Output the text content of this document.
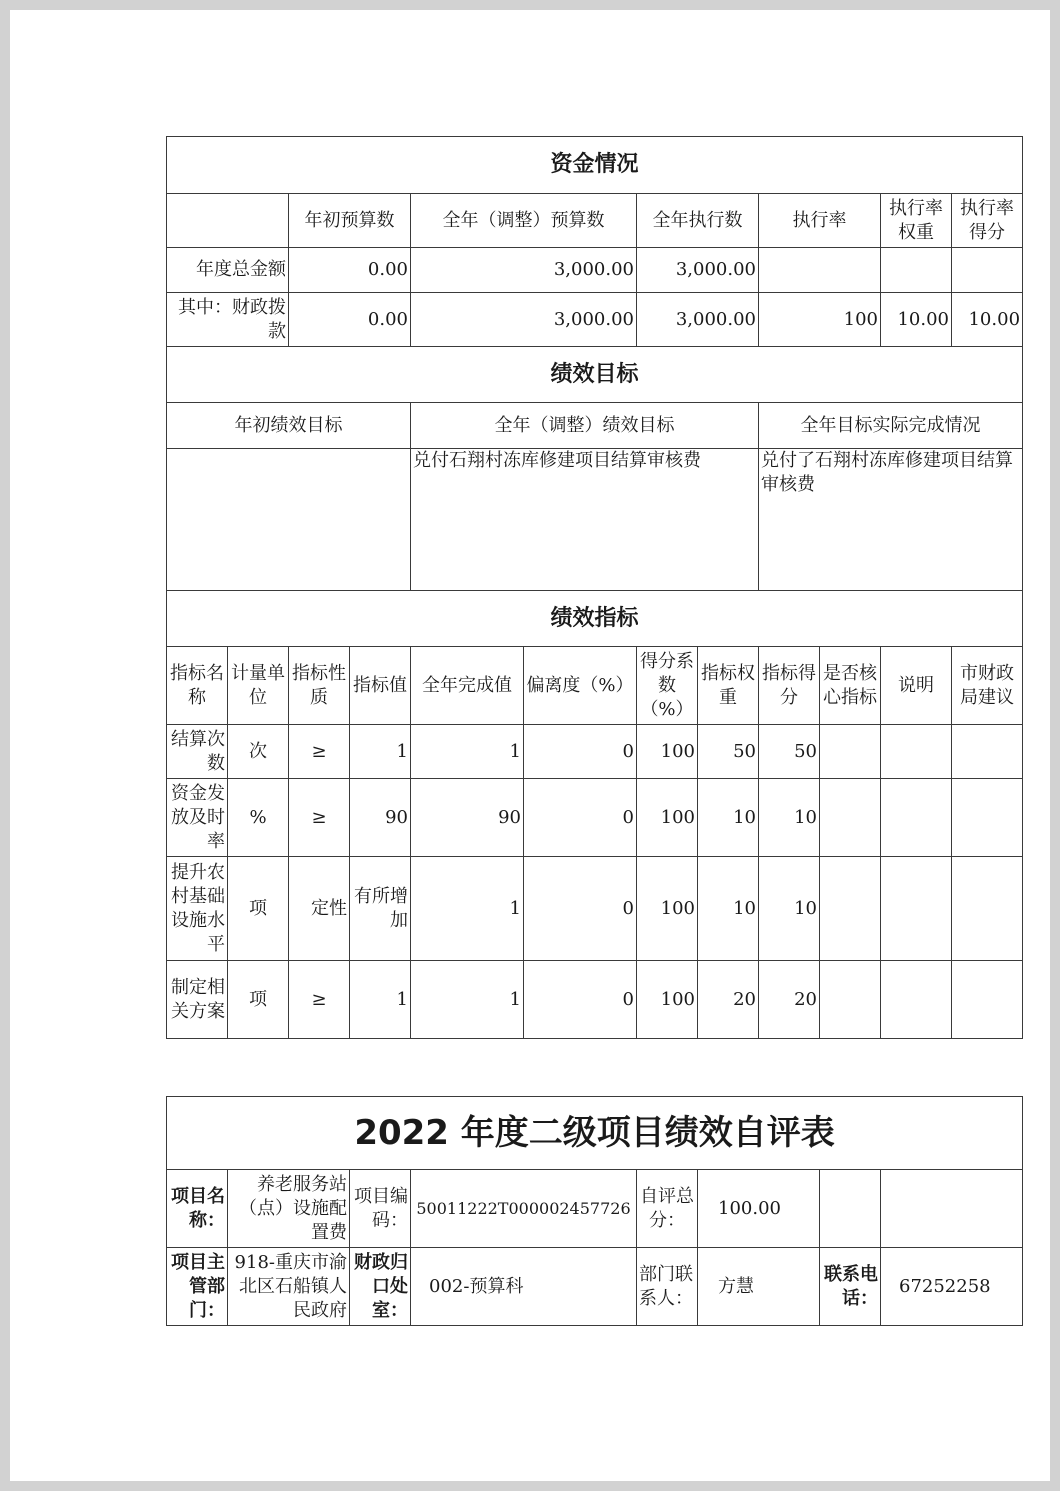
资金情况											
		年初预算数		全年（调整）预算数		全年执行数		执行率		执行率权重	执行率得分
年度总金额		0.00		3,000.00		3,000.00					
其中：财政拨款		0.00		3,000.00		3,000.00		100		10.00	10.00
绩效目标											
年初绩效目标				全年（调整）绩效目标				全年目标实际完成情况			
				兑付石翔村冻库修建项目结算审核费				兑付了石翔村冻库修建项目结算审核费			
绩效指标											
指标名称	计量单位	指标性质	指标值	全年完成值	偏离度（%）	得分系数（%）	指标权重	指标得分	是否核心指标	说明	市财政局建议
结算次数	次	≥	1	1	0	100	50	50			
资金发放及时率	%	≥	90	90	0	100	10	10			
提升农村基础设施水平	项	定性	有所增加	1	0	100	10	10			
制定相关方案	项	≥	1	1	0	100	20	20			
2022 年度二级项目绩效自评表							
项目名称：	养老服务站（点）设施配置费	项目编码：	50011222T000002457726	自评总分：	100.00		
项目主管部门：	918-重庆市渝北区石船镇人民政府	财政归口处室：	002-预算科	部门联系人：	方慧	联系电话：	67252258
